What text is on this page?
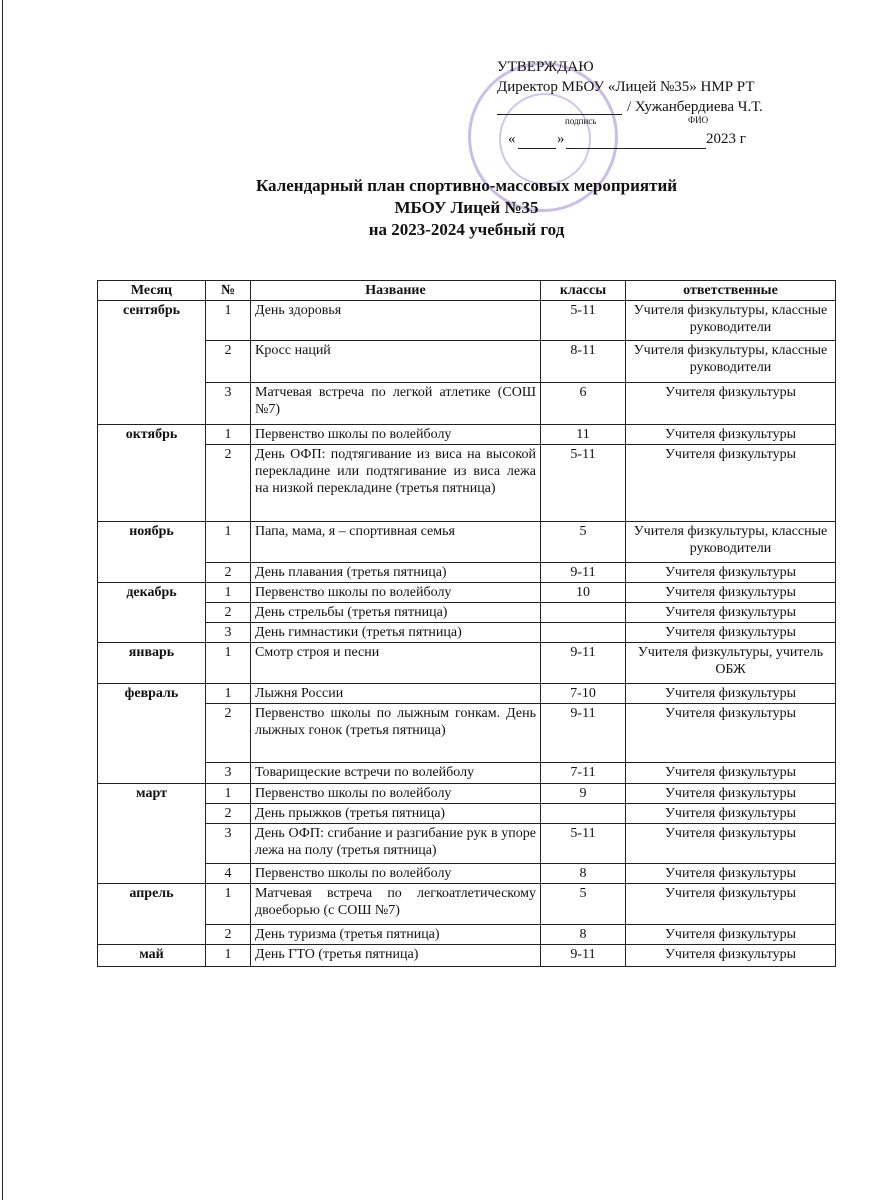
УТВЕРЖДАЮ
Директор МБОУ «Лицей №35» НМР РТ
/ Хужанбердиева Ч.Т.
подпись	ФИО
«	»	2023 г
Календарный план спортивно-массовых мероприятий
МБОУ Лицей №35
на 2023-2024 учебный год
Месяц	№	Название	классы	ответственные
сентябрь	1	День здоровья	5-11	Учителя физкультуры, классные руководители
	2	Кросс наций	8-11	Учителя физкультуры, классные руководители
	3	Матчевая встреча по легкой атлетике (СОШ №7)	6	Учителя физкультуры
октябрь	1	Первенство школы по волейболу	11	Учителя физкультуры
	2	День ОФП: подтягивание из виса на высокой перекладине или подтягивание из виса лежа на низкой перекладине (третья пятница)	5-11	Учителя физкультуры
ноябрь	1	Папа, мама, я – спортивная семья	5	Учителя физкультуры, классные руководители
	2	День плавания (третья пятница)	9-11	Учителя физкультуры
декабрь	1	Первенство школы по волейболу	10	Учителя физкультуры
	2	День стрельбы (третья пятница)		Учителя физкультуры
	3	День гимнастики (третья пятница)		Учителя физкультуры
январь	1	Смотр строя и песни	9-11	Учителя физкультуры, учитель ОБЖ
февраль	1	Лыжня России	7-10	Учителя физкультуры
	2	Первенство школы по лыжным гонкам. День лыжных гонок (третья пятница)	9-11	Учителя физкультуры
	3	Товарищеские встречи по волейболу	7-11	Учителя физкультуры
март	1	Первенство школы по волейболу	9	Учителя физкультуры
	2	День прыжков (третья пятница)		Учителя физкультуры
	3	День ОФП: сгибание и разгибание рук в упоре лежа на полу (третья пятница)	5-11	Учителя физкультуры
	4	Первенство школы по волейболу	8	Учителя физкультуры
апрель	1	Матчевая встреча по легкоатлетическому двоеборью (с СОШ №7)	5	Учителя физкультуры
	2	День туризма (третья пятница)	8	Учителя физкультуры
май	1	День ГТО (третья пятница)	9-11	Учителя физкультуры
